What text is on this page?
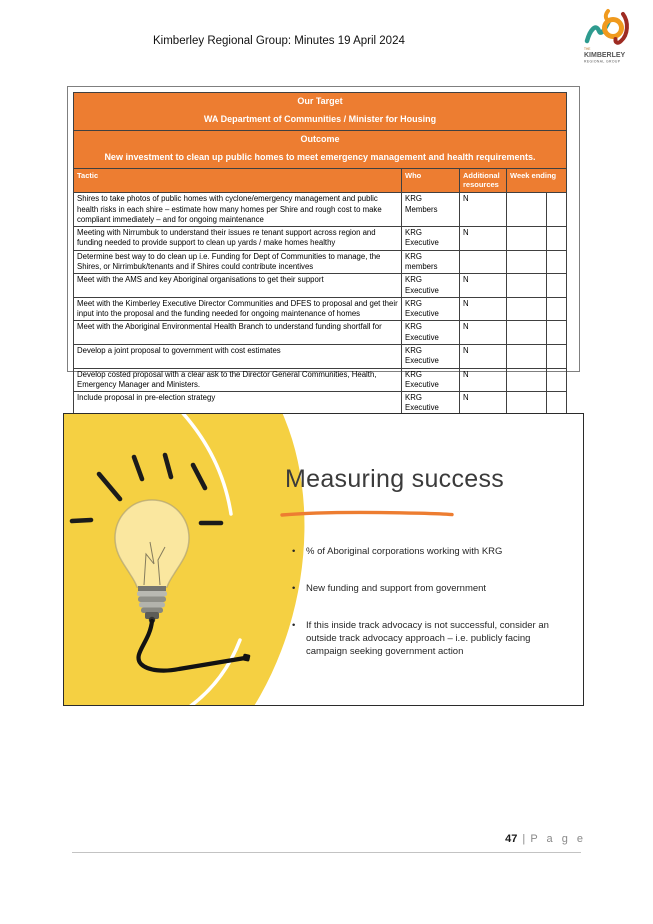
Kimberley Regional Group: Minutes 19 April 2024
THE
KIMBERLEY
REGIONAL GROUP
Our Target
WA Department of Communities / Minister for Housing				

Outcome
New investment to clean up public homes to meet emergency management and health requirements.				

Tactic	Who	Additional resources	Week ending	
Shires to take photos of public homes with cyclone/emergency management and public health risks in each shire – estimate how many homes per Shire and rough cost to make compliant immediately – and for ongoing maintenance	KRG Members	N		
Meeting with Nirrumbuk to understand their issues re tenant support across region and funding needed to provide support to clean up yards / make homes healthy	KRG Executive	N		
Determine best way to do clean up i.e. Funding for Dept of Communities to manage, the Shires, or Nirrimbuk/tenants and if Shires could contribute incentives	KRG members			
Meet with the AMS and key Aboriginal organisations to get their support	KRG Executive	N		
Meet with the Kimberley Executive Director Communities and DFES to proposal and get their input into the proposal and the funding needed for ongoing maintenance of homes	KRG Executive	N		
Meet with the Aboriginal Environmental Health Branch to understand funding shortfall for	KRG Executive	N		
Develop a joint proposal to government with cost estimates	KRG Executive	N		
Develop costed proposal with a clear ask to the Director General Communities, Health, Emergency Manager and Ministers.	KRG Executive	N		
Include proposal in pre-election strategy	KRG Executive	N		
Measuring success
•	% of Aboriginal corporations working with KRG
•	New funding and support from government
•	If this inside track advocacy is not successful, consider an outside track advocacy approach – i.e. publicly facing campaign seeking government action
47 | P a g e
